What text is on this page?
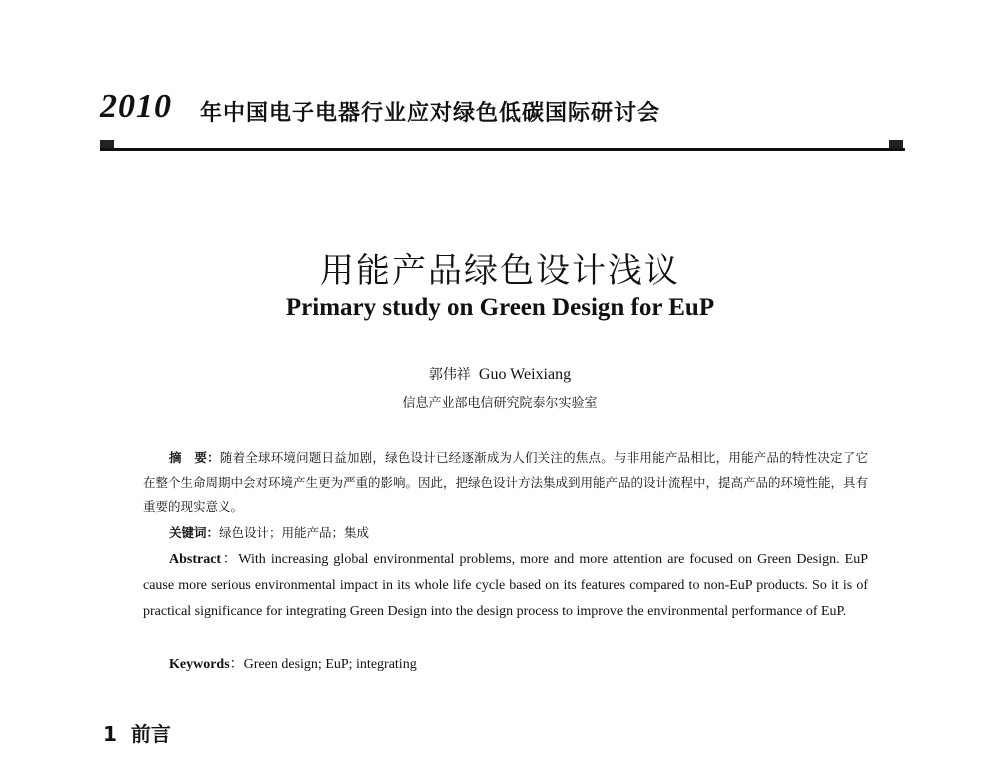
2010 年中国电子电器行业应对绿色低碳国际研讨会
用能产品绿色设计浅议
Primary study on Green Design for EuP
郭伟祥 Guo Weixiang
信息产业部电信研究院泰尔实验室
摘　要：随着全球环境问题日益加剧，绿色设计已经逐渐成为人们关注的焦点。与非用能产品相比，用能产品的特性决定了它在整个生命周期中会对环境产生更为严重的影响。因此，把绿色设计方法集成到用能产品的设计流程中，提高产品的环境性能，具有重要的现实意义。
关键词：绿色设计；用能产品；集成
Abstract：With increasing global environmental problems, more and more attention are focused on Green Design. EuP cause more serious environmental impact in its whole life cycle based on its features compared to non-EuP products. So it is of practical significance for integrating Green Design into the design process to improve the environmental performance of EuP.
Keywords：Green design; EuP; integrating
1 前言
